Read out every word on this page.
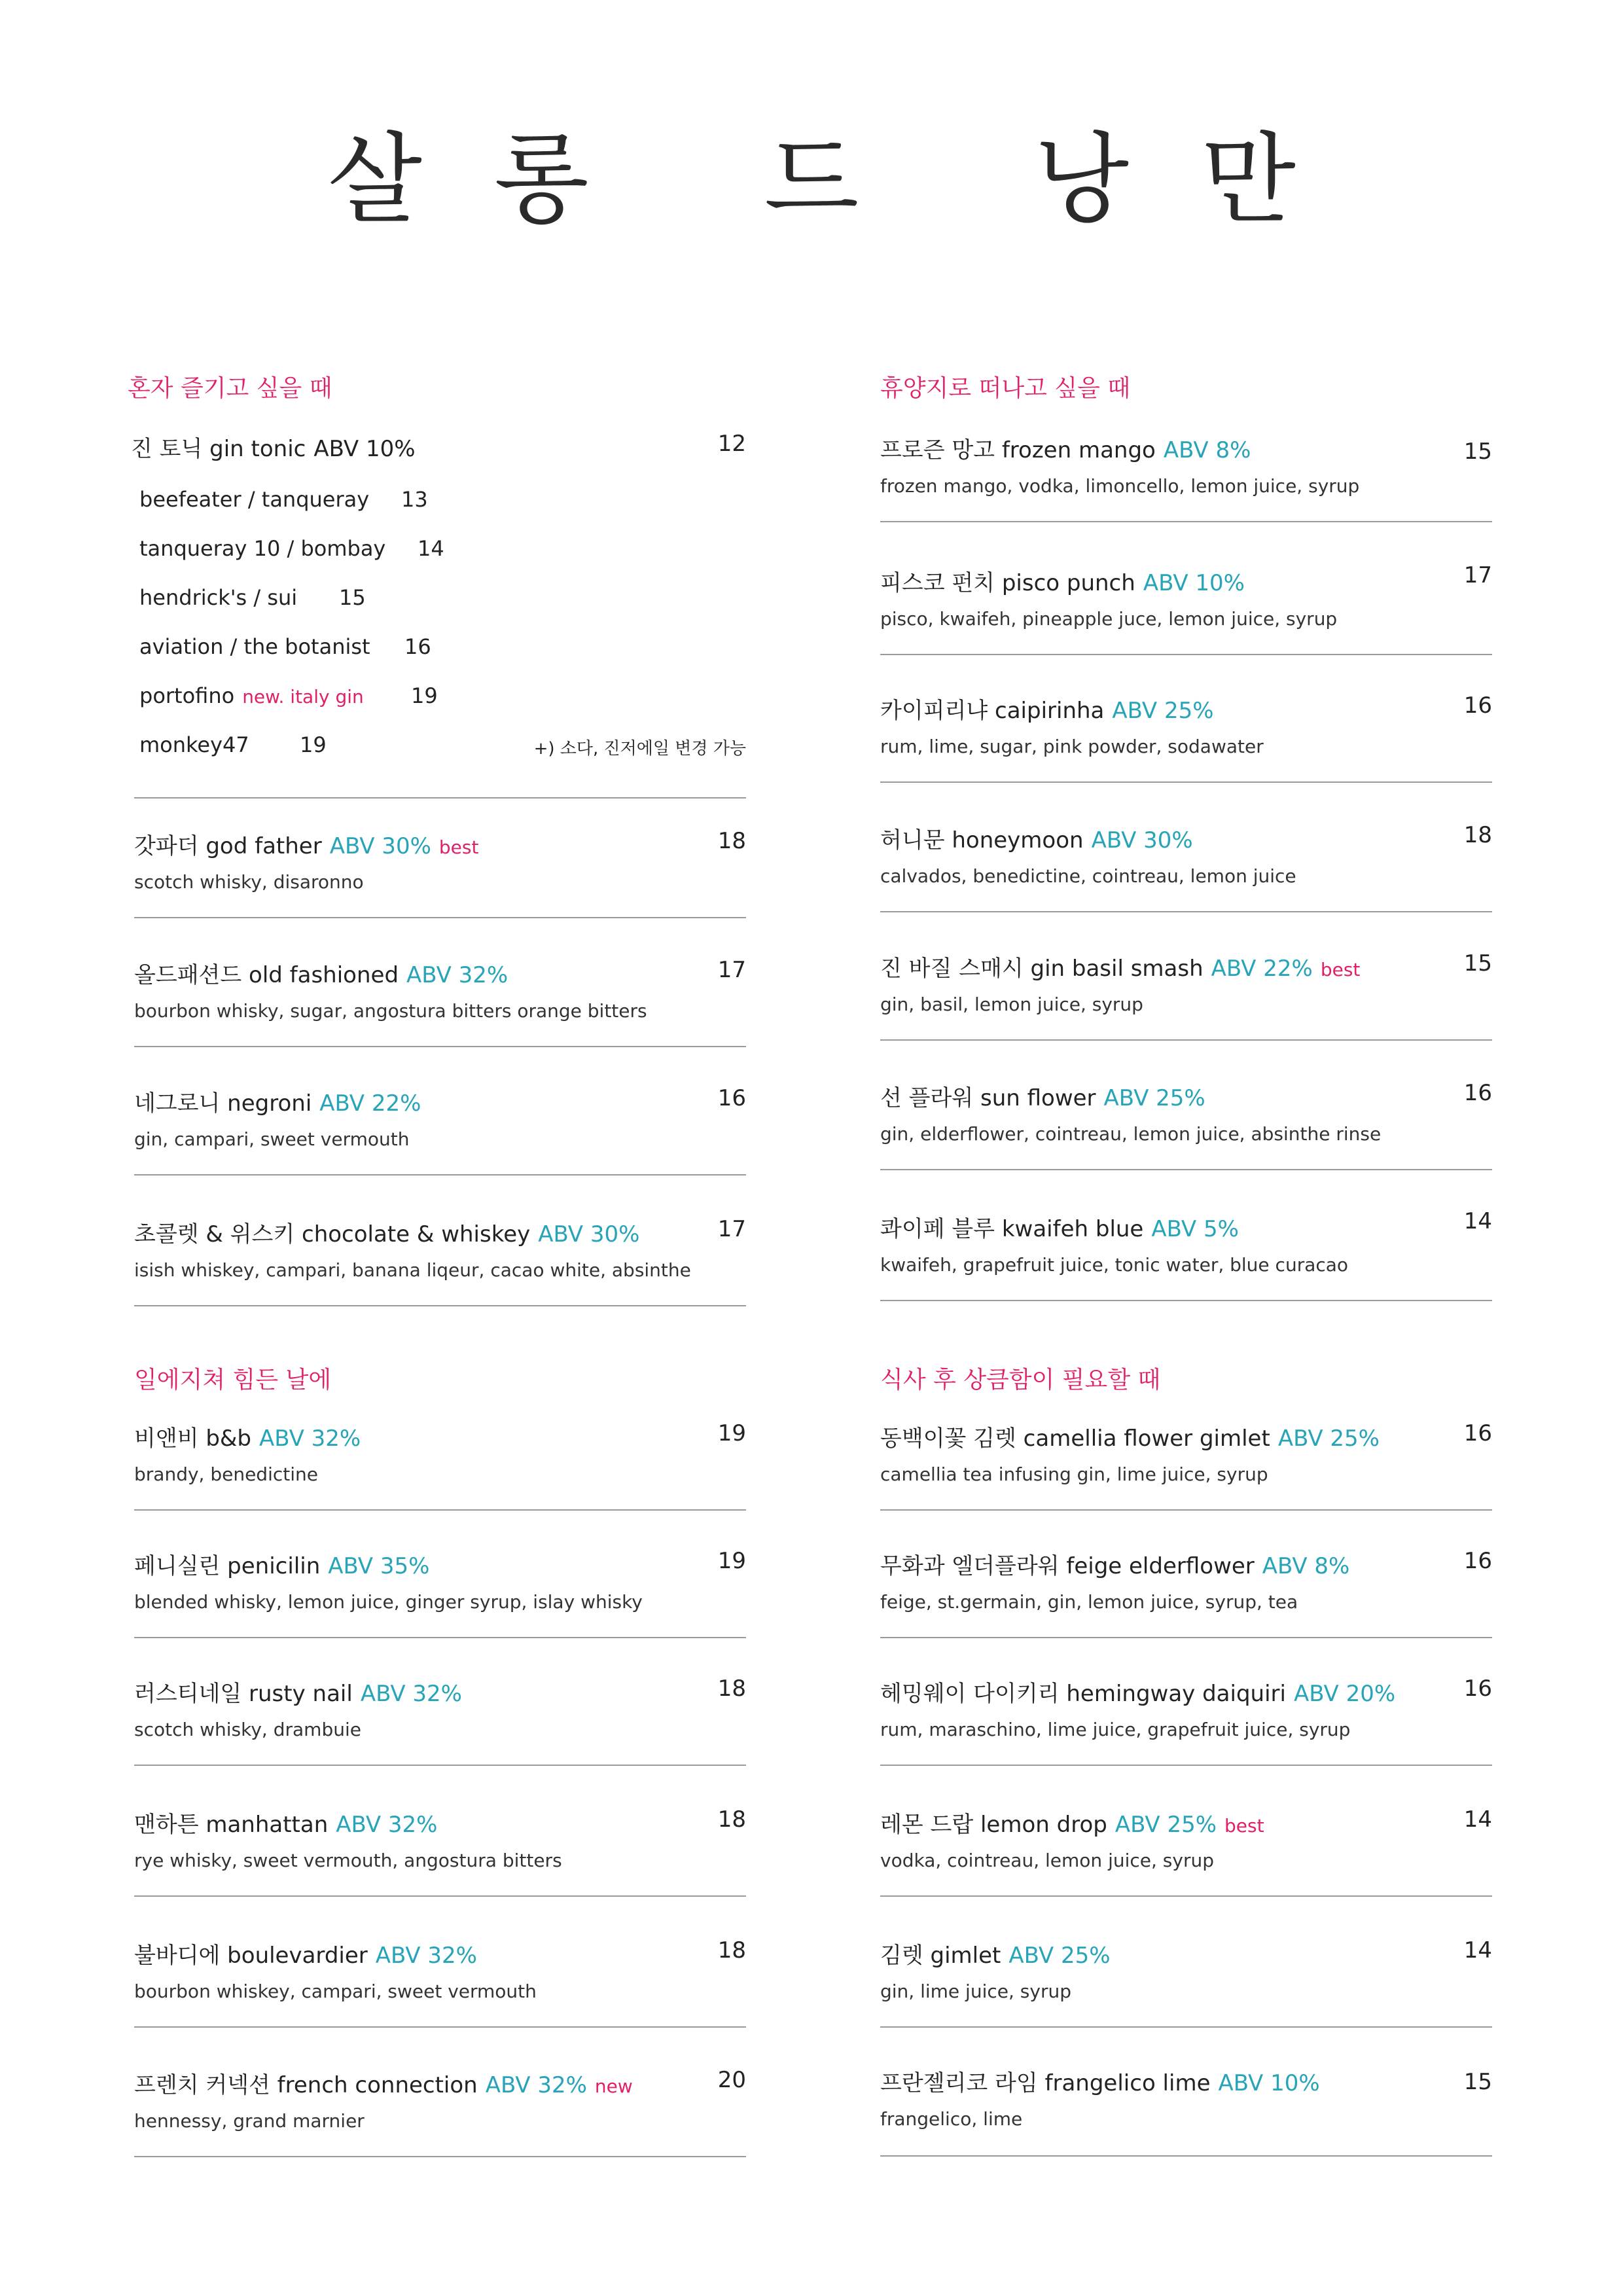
살롱 드 낭만
혼자 즐기고 싶을 때
진 토닉 gin tonic ABV 10%	12
beefeater / tanqueray 13
tanqueray 10 / bombay 14
hendrick's / sui 15
aviation / the botanist 16
portofino new. italy gin 19
monkey47 19	+) 소다, 진저에일 변경 가능
갓파더 god father ABV 30% best	18
scotch whisky, disaronno
올드패션드 old fashioned ABV 32%	17
bourbon whisky, sugar, angostura bitters orange bitters
네그로니 negroni ABV 22%	16
gin, campari, sweet vermouth
초콜렛 & 위스키 chocolate & whiskey ABV 30%	17
isish whiskey, campari, banana liqeur, cacao white, absinthe
일에지쳐 힘든 날에
비앤비 b&b ABV 32%	19
brandy, benedictine
페니실린 penicilin ABV 35%	19
blended whisky, lemon juice, ginger syrup, islay whisky
러스티네일 rusty nail ABV 32%	18
scotch whisky, drambuie
맨하튼 manhattan ABV 32%	18
rye whisky, sweet vermouth, angostura bitters
불바디에 boulevardier ABV 32%	18
bourbon whiskey, campari, sweet vermouth
프렌치 커넥션 french connection ABV 32% new	20
hennessy, grand marnier
휴양지로 떠나고 싶을 때
프로즌 망고 frozen mango ABV 8%	15
frozen mango, vodka, limoncello, lemon juice, syrup
피스코 펀치 pisco punch ABV 10%	17
pisco, kwaifeh, pineapple juce, lemon juice, syrup
카이피리냐 caipirinha ABV 25%	16
rum, lime, sugar, pink powder, sodawater
허니문 honeymoon ABV 30%	18
calvados, benedictine, cointreau, lemon juice
진 바질 스매시 gin basil smash ABV 22% best	15
gin, basil, lemon juice, syrup
선 플라워 sun flower ABV 25%	16
gin, elderflower, cointreau, lemon juice, absinthe rinse
콰이페 블루 kwaifeh blue ABV 5%	14
kwaifeh, grapefruit juice, tonic water, blue curacao
식사 후 상큼함이 필요할 때
동백이꽃 김렛 camellia flower gimlet ABV 25%	16
camellia tea infusing gin, lime juice, syrup
무화과 엘더플라워 feige elderflower ABV 8%	16
feige, st.germain, gin, lemon juice, syrup, tea
헤밍웨이 다이키리 hemingway daiquiri ABV 20%	16
rum, maraschino, lime juice, grapefruit juice, syrup
레몬 드랍 lemon drop ABV 25% best	14
vodka, cointreau, lemon juice, syrup
김렛 gimlet ABV 25%	14
gin, lime juice, syrup
프란젤리코 라임 frangelico lime ABV 10%	15
frangelico, lime
